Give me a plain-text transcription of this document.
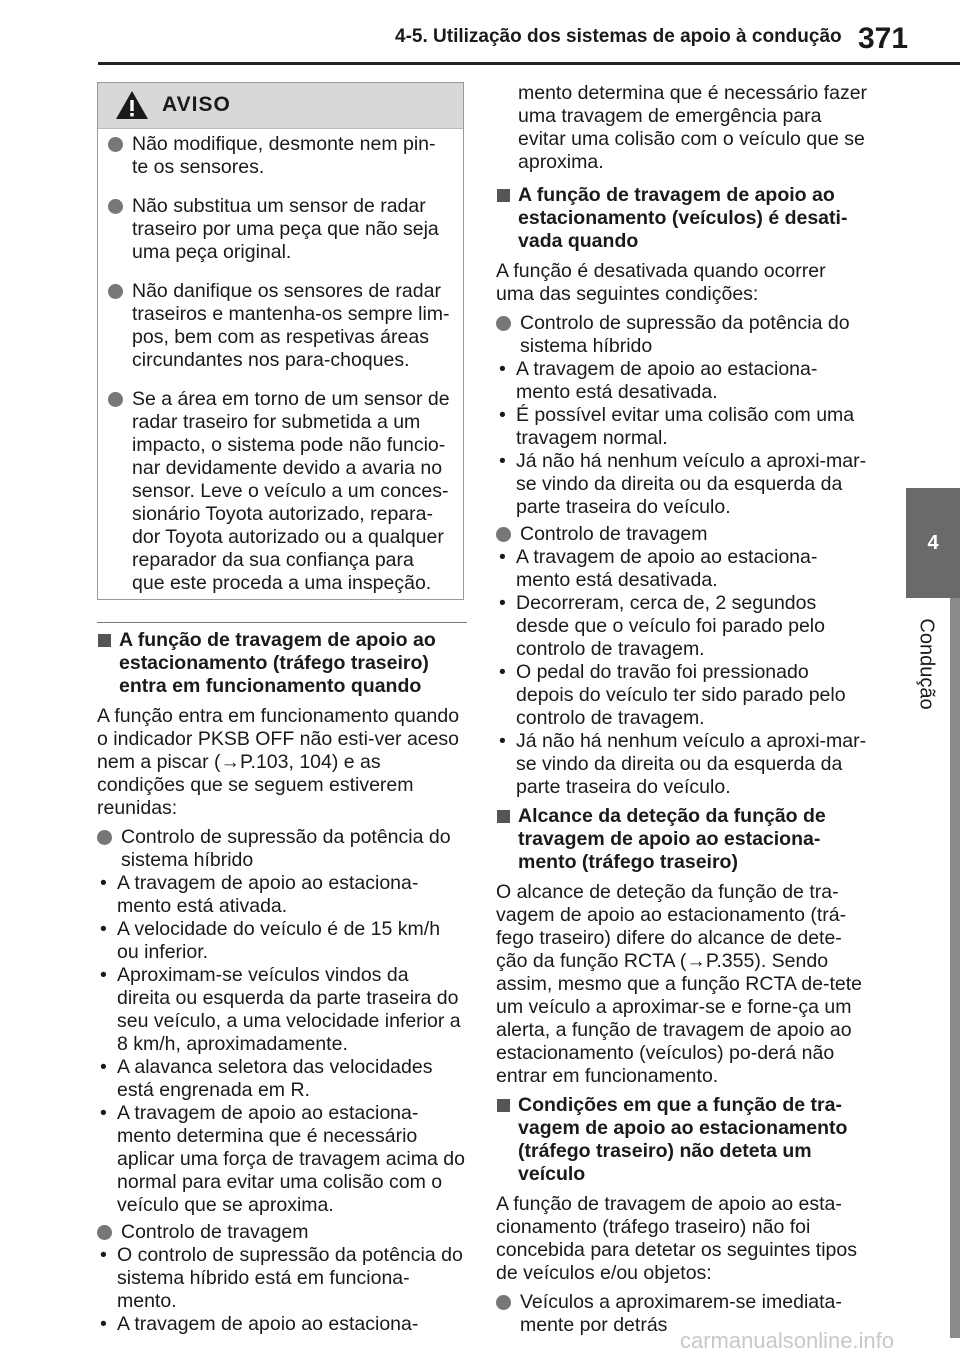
4-5. Utilização dos sistemas de apoio à condução 371
4
Condução
AVISO
Não modifique, desmonte nem pin-te os sensores.
Não substitua um sensor de radar traseiro por uma peça que não seja uma peça original.
Não danifique os sensores de radar traseiros e mantenha-os sempre lim-pos, bem com as respetivas áreas circundantes nos para-choques.
Se a área em torno de um sensor de radar traseiro for submetida a um impacto, o sistema pode não funcio-nar devidamente devido a avaria no sensor. Leve o veículo a um conces-sionário Toyota autorizado, repara-dor Toyota autorizado ou a qualquer reparador da sua confiança para que este proceda a uma inspeção.
A função de travagem de apoio ao estacionamento (tráfego traseiro) entra em funcionamento quando
A função entra em funcionamento quando o indicador PKSB OFF não esti-ver aceso nem a piscar (→P.103, 104) e as condições que se seguem estiverem reunidas:
Controlo de supressão da potência do sistema híbrido
• A travagem de apoio ao estaciona-mento está ativada.
• A velocidade do veículo é de 15 km/h ou inferior.
• Aproximam-se veículos vindos da direita ou esquerda da parte traseira do seu veículo, a uma velocidade inferior a 8 km/h, aproximadamente.
• A alavanca seletora das velocidades está engrenada em R.
• A travagem de apoio ao estaciona-mento determina que é necessário aplicar uma força de travagem acima do normal para evitar uma colisão com o veículo que se aproxima.
Controlo de travagem
• O controlo de supressão da potência do sistema híbrido está em funciona-mento.
• A travagem de apoio ao estaciona-
mento determina que é necessário fazer uma travagem de emergência para evitar uma colisão com o veículo que se aproxima.
A função de travagem de apoio ao estacionamento (veículos) é desati-vada quando
A função é desativada quando ocorrer uma das seguintes condições:
Controlo de supressão da potência do sistema híbrido
• A travagem de apoio ao estaciona-mento está desativada.
• É possível evitar uma colisão com uma travagem normal.
• Já não há nenhum veículo a aproxi-mar-se vindo da direita ou da esquerda da parte traseira do veículo.
Controlo de travagem
• A travagem de apoio ao estaciona-mento está desativada.
• Decorreram, cerca de, 2 segundos desde que o veículo foi parado pelo controlo de travagem.
• O pedal do travão foi pressionado depois do veículo ter sido parado pelo controlo de travagem.
• Já não há nenhum veículo a aproxi-mar-se vindo da direita ou da esquerda da parte traseira do veículo.
Alcance da deteção da função de travagem de apoio ao estaciona-mento (tráfego traseiro)
O alcance de deteção da função de tra-vagem de apoio ao estacionamento (trá-fego traseiro) difere do alcance de dete-ção da função RCTA (→P.355). Sendo assim, mesmo que a função RCTA de-tete um veículo a aproximar-se e forne-ça um alerta, a função de travagem de apoio ao estacionamento (veículos) po-derá não entrar em funcionamento.
Condições em que a função de tra-vagem de apoio ao estacionamento (tráfego traseiro) não deteta um veículo
A função de travagem de apoio ao esta-cionamento (tráfego traseiro) não foi concebida para detetar os seguintes tipos de veículos e/ou objetos:
Veículos a aproximarem-se imediata-mente por detrás
carmanualsonline.info
